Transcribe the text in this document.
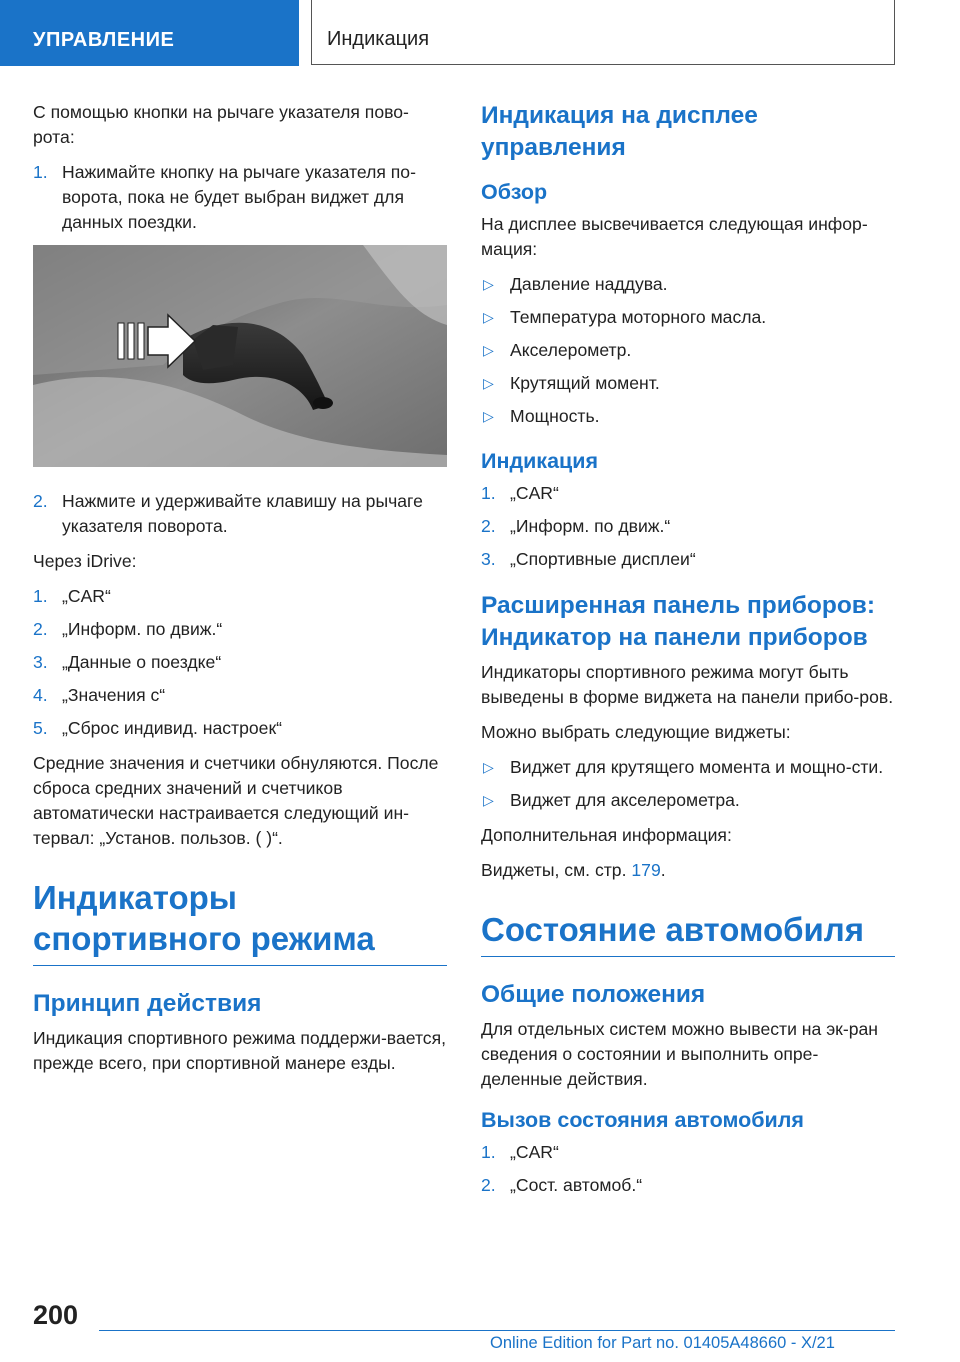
УПРАВЛЕНИЕ	Индикация

С помощью кнопки на рычаге указателя пово-рота:

1. Нажимайте кнопку на рычаге указателя по-ворота, пока не будет выбран виджет для данных поездки.
2. Нажмите и удерживайте клавишу на рычаге указателя поворота.

Через iDrive:

1. „CAR“
2. „Информ. по движ.“
3. „Данные о поездке“
4. „Значения с“
5. „Сброс индивид. настроек“

Средние значения и счетчики обнуляются. После сброса средних значений и счетчиков автоматически настраивается следующий ин-тервал: „Установ. пользов. ( )“.

Индикаторы спортивного режима
Принцип действия

Индикация спортивного режима поддержи-вается, прежде всего, при спортивной манере езды.

Индикация на дисплее управления
Обзор

На дисплее высвечивается следующая инфор-мация:

▷ Давление наддува.
▷ Температура моторного масла.
▷ Акселерометр.
▷ Крутящий момент.
▷ Мощность.
Индикация
1. „CAR“
2. „Информ. по движ.“
3. „Спортивные дисплеи“
Расширенная панель приборов: Индикатор на панели приборов

Индикаторы спортивного режима могут быть выведены в форме виджета на панели прибо-ров.

Можно выбрать следующие виджеты:

▷ Виджет для крутящего момента и мощно-сти.
▷ Виджет для акселерометра.

Дополнительная информация:

Виджеты, см. стр. 179.

Состояние автомобиля
Общие положения

Для отдельных систем можно вывести на эк-ран сведения о состоянии и выполнить опре-деленные действия.

Вызов состояния автомобиля
1. „CAR“
2. „Сост. автомоб.“
200
Online Edition for Part no. 01405A48660 - X/21
